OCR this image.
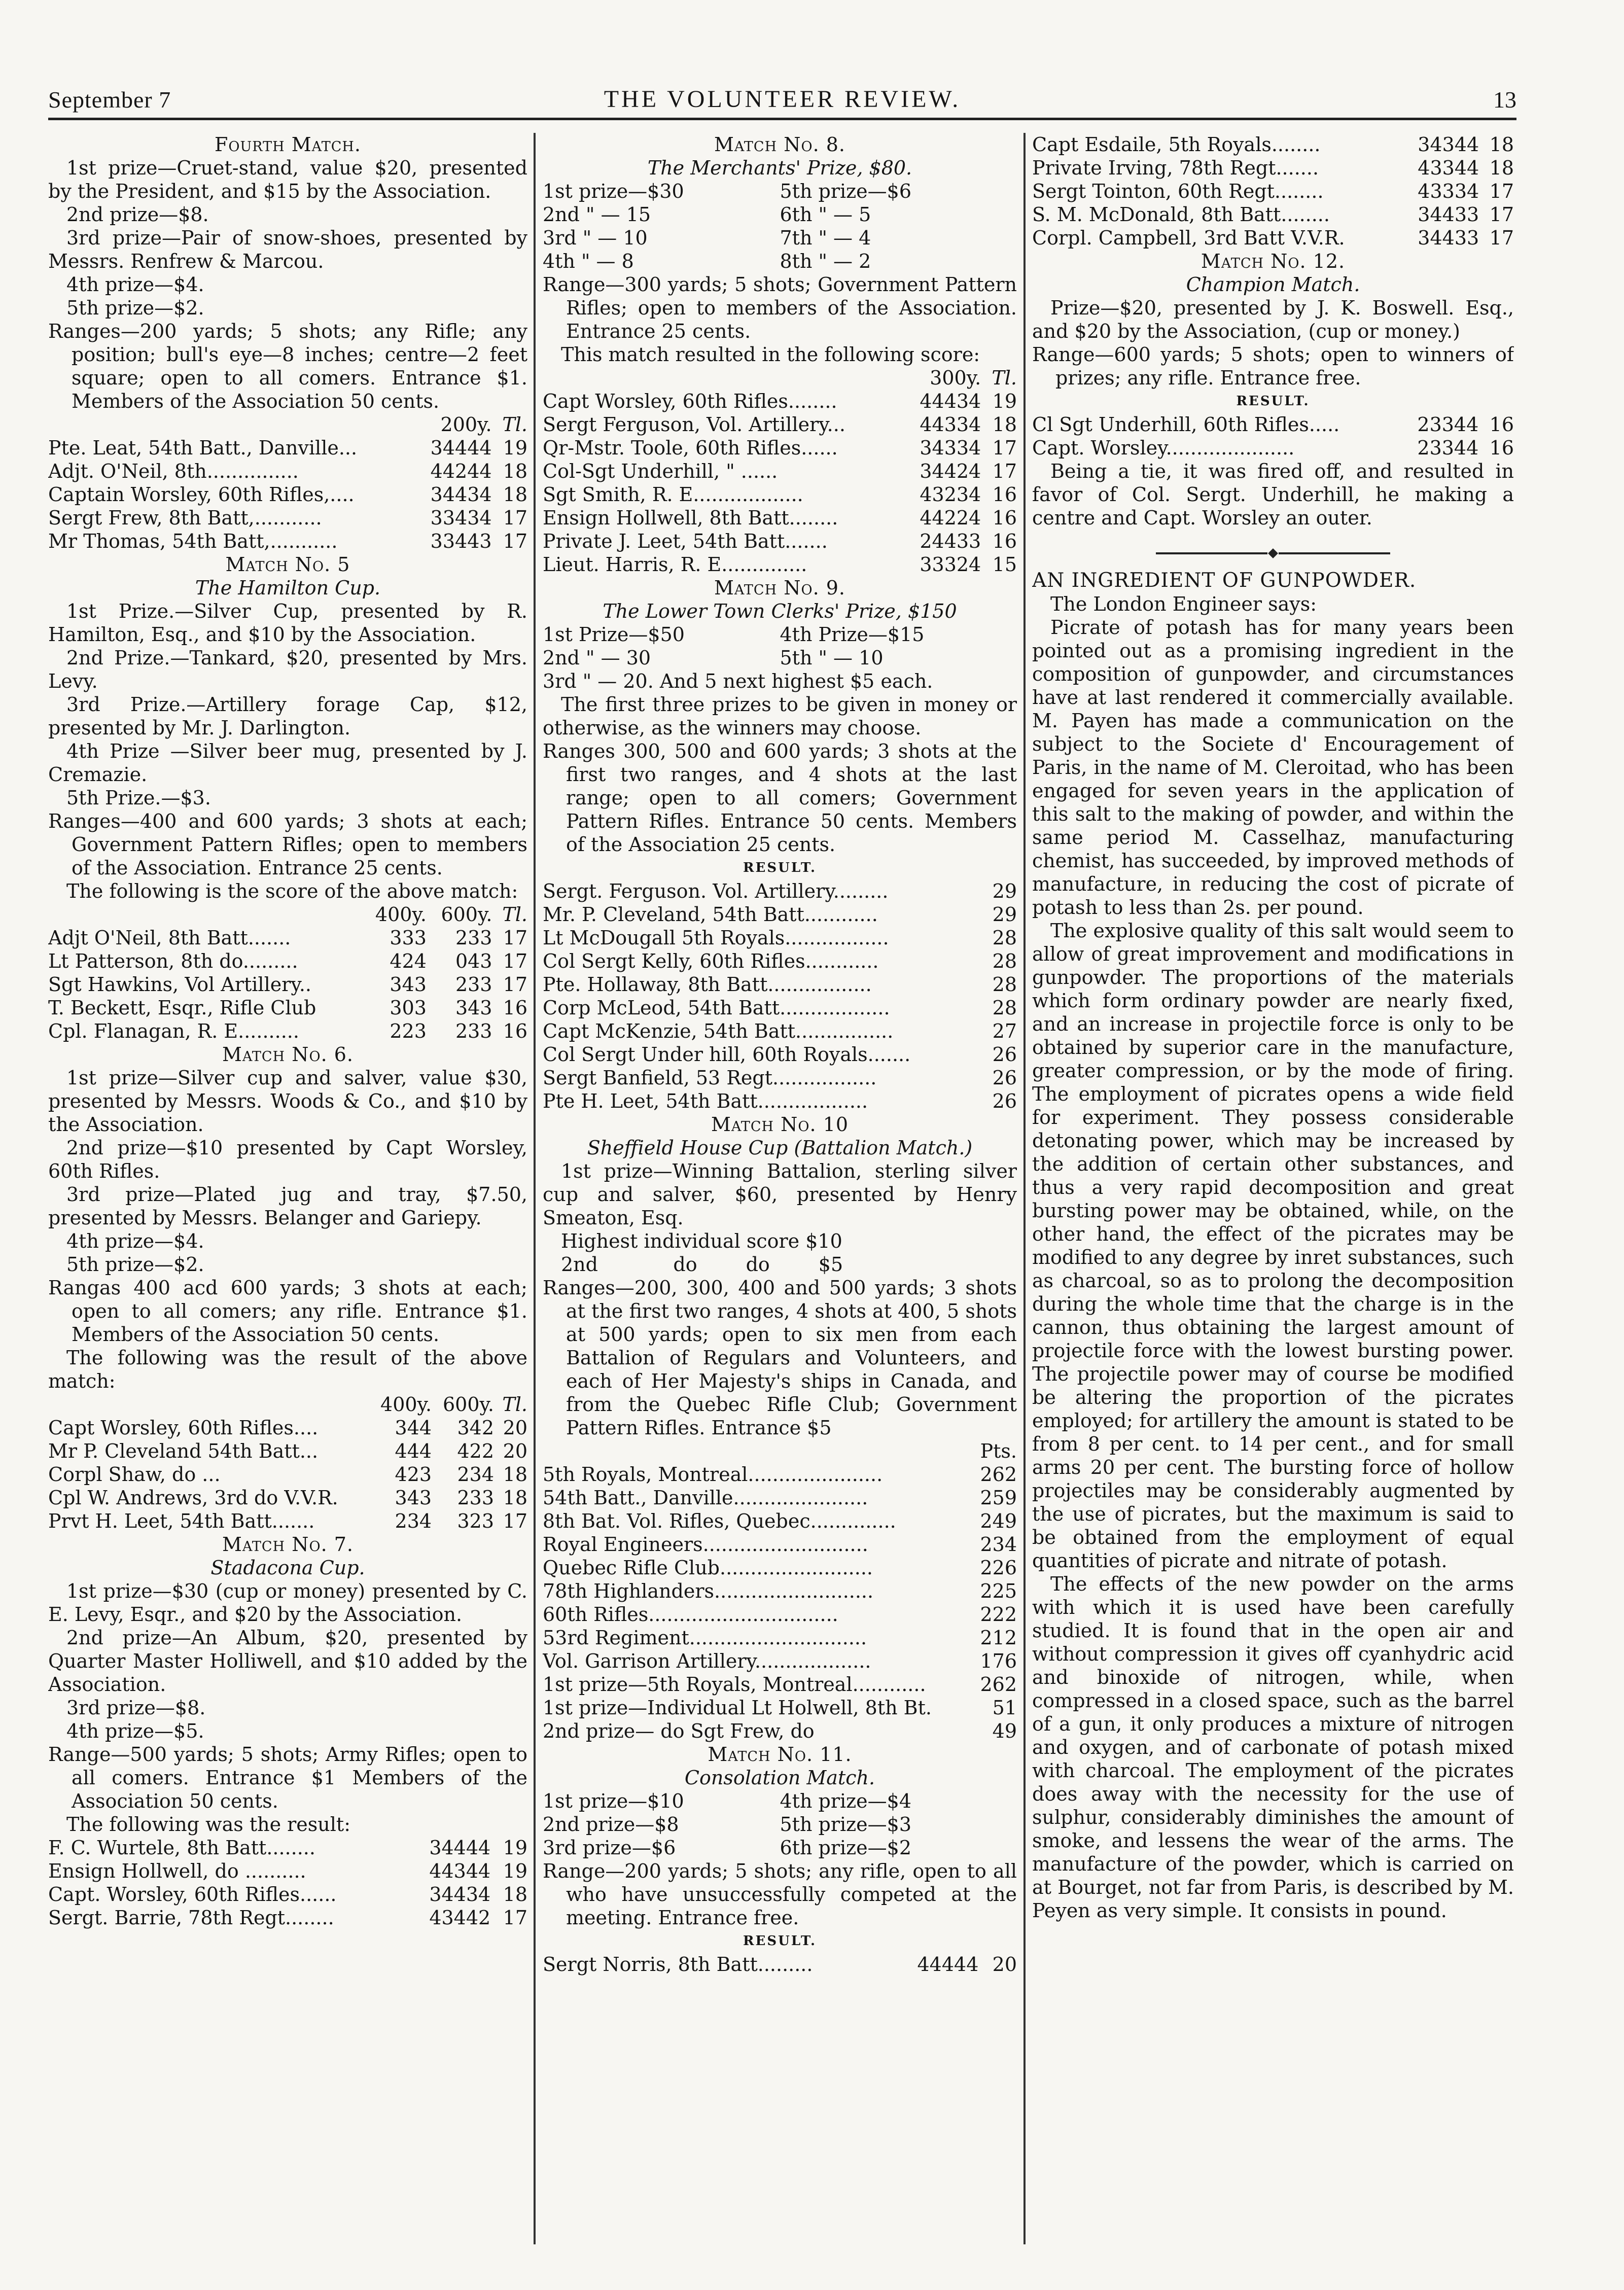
September 7	THE VOLUNTEER REVIEW.	13

Fourth Match.

1st prize—Cruet-stand, value $20, presented by the President, and $15 by the Association.

2nd prize—$8.

3rd prize—Pair of snow-shoes, presented by Messrs. Renfrew & Marcou.

4th prize—$4.

5th prize—$2.

Ranges—200 yards; 5 shots; any Rifle; any position; bull's eye—8 inches; centre—2 feet square; open to all comers. Entrance $1. Members of the Association 50 cents.

	200y.	Tl.
Pte. Leat, 54th Batt., Danville...	34444	19
Adjt. O'Neil, 8th...............	44244	18
Captain Worsley, 60th Rifles,....	34434	18
Sergt Frew, 8th Batt,...........	33434	17
Mr Thomas, 54th Batt,...........	33443	17

Match No. 5

The Hamilton Cup.

1st Prize.—Silver Cup, presented by R. Hamilton, Esq., and $10 by the Association.

2nd Prize.—Tankard, $20, presented by Mrs. Levy.

3rd Prize.—Artillery forage Cap, $12, presented by Mr. J. Darlington.

4th Prize —Silver beer mug, presented by J. Cremazie.

5th Prize.—$3.

Ranges—400 and 600 yards; 3 shots at each; Government Pattern Rifles; open to members of the Association. Entrance 25 cents.

The following is the score of the above match:

	400y.	600y.	Tl.
Adjt O'Neil, 8th Batt.......	333	233	17
Lt Patterson, 8th do.........	424	043	17
Sgt Hawkins, Vol Artillery..	343	233	17
T. Beckett, Esqr., Rifle Club	303	343	16
Cpl. Flanagan, R. E..........	223	233	16

Match No. 6.

1st prize—Silver cup and salver, value $30, presented by Messrs. Woods & Co., and $10 by the Association.

2nd prize—$10 presented by Capt Worsley, 60th Rifles.

3rd prize—Plated jug and tray, $7.50, presented by Messrs. Belanger and Gariepy.

4th prize—$4.

5th prize—$2.

Rangas 400 acd 600 yards; 3 shots at each; open to all comers; any rifle. Entrance $1. Members of the Association 50 cents.

The following was the result of the above match:

	400y.	600y.	Tl.
Capt Worsley, 60th Rifles....	344	342	20
Mr P. Cleveland 54th Batt...	444	422	20
Corpl Shaw, do ...	423	234	18
Cpl W. Andrews, 3rd do V.V.R.	343	233	18
Prvt H. Leet, 54th Batt.......	234	323	17

Match No. 7.

Stadacona Cup.

1st prize—$30 (cup or money) presented by C. E. Levy, Esqr., and $20 by the Association.

2nd prize—An Album, $20, presented by Quarter Master Holliwell, and $10 added by the Association.

3rd prize—$8.

4th prize—$5.

Range—500 yards; 5 shots; Army Rifles; open to all comers. Entrance $1 Members of the Association 50 cents.

The following was the result:

F. C. Wurtele, 8th Batt........	34444	19
Ensign Hollwell, do ..........	44344	19
Capt. Worsley, 60th Rifles......	34434	18
Sergt. Barrie, 78th Regt........	43442	17

Match No. 8.

The Merchants' Prize, $80.

1st prize—$30	5th prize—$6
2nd " — 15	6th " — 5
3rd " — 10	7th " — 4
4th " — 8	8th " — 2

Range—300 yards; 5 shots; Government Pattern Rifles; open to members of the Association. Entrance 25 cents.

This match resulted in the following score:

	300y.	Tl.
Capt Worsley, 60th Rifles........	44434	19
Sergt Ferguson, Vol. Artillery...	44334	18
Qr-Mstr. Toole, 60th Rifles......	34334	17
Col-Sgt Underhill, " ......	34424	17
Sgt Smith, R. E..................	43234	16
Ensign Hollwell, 8th Batt........	44224	16
Private J. Leet, 54th Batt.......	24433	16
Lieut. Harris, R. E..............	33324	15

Match No. 9.

The Lower Town Clerks' Prize, $150

1st Prize—$50	4th Prize—$15
2nd " — 30	5th " — 10

3rd " — 20. And 5 next highest $5 each.

The first three prizes to be given in money or otherwise, as the winners may choose.

Ranges 300, 500 and 600 yards; 3 shots at the first two ranges, and 4 shots at the last range; open to all comers; Government Pattern Rifles. Entrance 50 cents. Members of the Association 25 cents.

RESULT.

Sergt. Ferguson. Vol. Artillery.........	29
Mr. P. Cleveland, 54th Batt............	29
Lt McDougall 5th Royals.................	28
Col Sergt Kelly, 60th Rifles............	28
Pte. Hollaway, 8th Batt.................	28
Corp McLeod, 54th Batt..................	28
Capt McKenzie, 54th Batt................	27
Col Sergt Under hill, 60th Royals.......	26
Sergt Banfield, 53 Regt.................	26
Pte H. Leet, 54th Batt..................	26

Match No. 10

Sheffield House Cup (Battalion Match.)

1st prize—Winning Battalion, sterling silver cup and salver, $60, presented by Henry Smeaton, Esq.

Highest individual score $10

2nd	do	do	$5

Ranges—200, 300, 400 and 500 yards; 3 shots at the first two ranges, 4 shots at 400, 5 shots at 500 yards; open to six men from each Battalion of Regulars and Volunteers, and each of Her Majesty's ships in Canada, and from the Quebec Rifle Club; Government Pattern Rifles. Entrance $5

	Pts.
5th Royals, Montreal......................	262
54th Batt., Danville......................	259
8th Bat. Vol. Rifles, Quebec..............	249
Royal Engineers...........................	234
Quebec Rifle Club.........................	226
78th Highlanders..........................	225
60th Rifles...............................	222
53rd Regiment.............................	212
Vol. Garrison Artillery...................	176
1st prize—5th Royals, Montreal............	262
1st prize—Individual Lt Holwell, 8th Bt.	51
2nd prize— do Sgt Frew, do	49

Match No. 11.

Consolation Match.

1st prize—$10	4th prize—$4
2nd prize—$8	5th prize—$3
3rd prize—$6	6th prize—$2

Range—200 yards; 5 shots; any rifle, open to all who have unsuccessfully competed at the meeting. Entrance free.

RESULT.

Sergt Norris, 8th Batt.........	44444	20
Capt Esdaile, 5th Royals........	34344	18
Private Irving, 78th Regt.......	43344	18
Sergt Tointon, 60th Regt........	43334	17
S. M. McDonald, 8th Batt........	34433	17
Corpl. Campbell, 3rd Batt V.V.R.	34433	17

Match No. 12.

Champion Match.

Prize—$20, presented by J. K. Boswell. Esq., and $20 by the Association, (cup or money.)

Range—600 yards; 5 shots; open to winners of prizes; any rifle. Entrance free.

RESULT.

Cl Sgt Underhill, 60th Rifles.....	23344	16
Capt. Worsley.....................	23344	16

Being a tie, it was fired off, and resulted in favor of Col. Sergt. Underhill, he making a centre and Capt. Worsley an outer.

AN INGREDIENT OF GUNPOWDER.

The London Engineer says:

Picrate of potash has for many years been pointed out as a promising ingredient in the composition of gunpowder, and circumstances have at last rendered it commercially available. M. Payen has made a communication on the subject to the Societe d' Encouragement of Paris, in the name of M. Cleroitad, who has been engaged for seven years in the application of this salt to the making of powder, and within the same period M. Casselhaz, manufacturing chemist, has succeeded, by improved methods of manufacture, in reducing the cost of picrate of potash to less than 2s. per pound.

The explosive quality of this salt would seem to allow of great improvement and modifications in gunpowder. The proportions of the materials which form ordinary powder are nearly fixed, and an increase in projectile force is only to be obtained by superior care in the manufacture, greater compression, or by the mode of firing. The employment of picrates opens a wide field for experiment. They possess considerable detonating power, which may be increased by the addition of certain other substances, and thus a very rapid decomposition and great bursting power may be obtained, while, on the other hand, the effect of the picrates may be modified to any degree by inret substances, such as charcoal, so as to prolong the decomposition during the whole time that the charge is in the cannon, thus obtaining the largest amount of projectile force with the lowest bursting power. The projectile power may of course be modified be altering the proportion of the picrates employed; for artillery the amount is stated to be from 8 per cent. to 14 per cent., and for small arms 20 per cent. The bursting force of hollow projectiles may be considerably augmented by the use of picrates, but the maximum is said to be obtained from the employment of equal quantities of picrate and nitrate of potash.

The effects of the new powder on the arms with which it is used have been carefully studied. It is found that in the open air and without compression it gives off cyanhydric acid and binoxide of nitrogen, while, when compressed in a closed space, such as the barrel of a gun, it only produces a mixture of nitrogen and oxygen, and of carbonate of potash mixed with charcoal. The employment of the picrates does away with the necessity for the use of sulphur, considerably diminishes the amount of smoke, and lessens the wear of the arms. The manufacture of the powder, which is carried on at Bourget, not far from Paris, is described by M. Peyen as very simple. It consists in pound.
